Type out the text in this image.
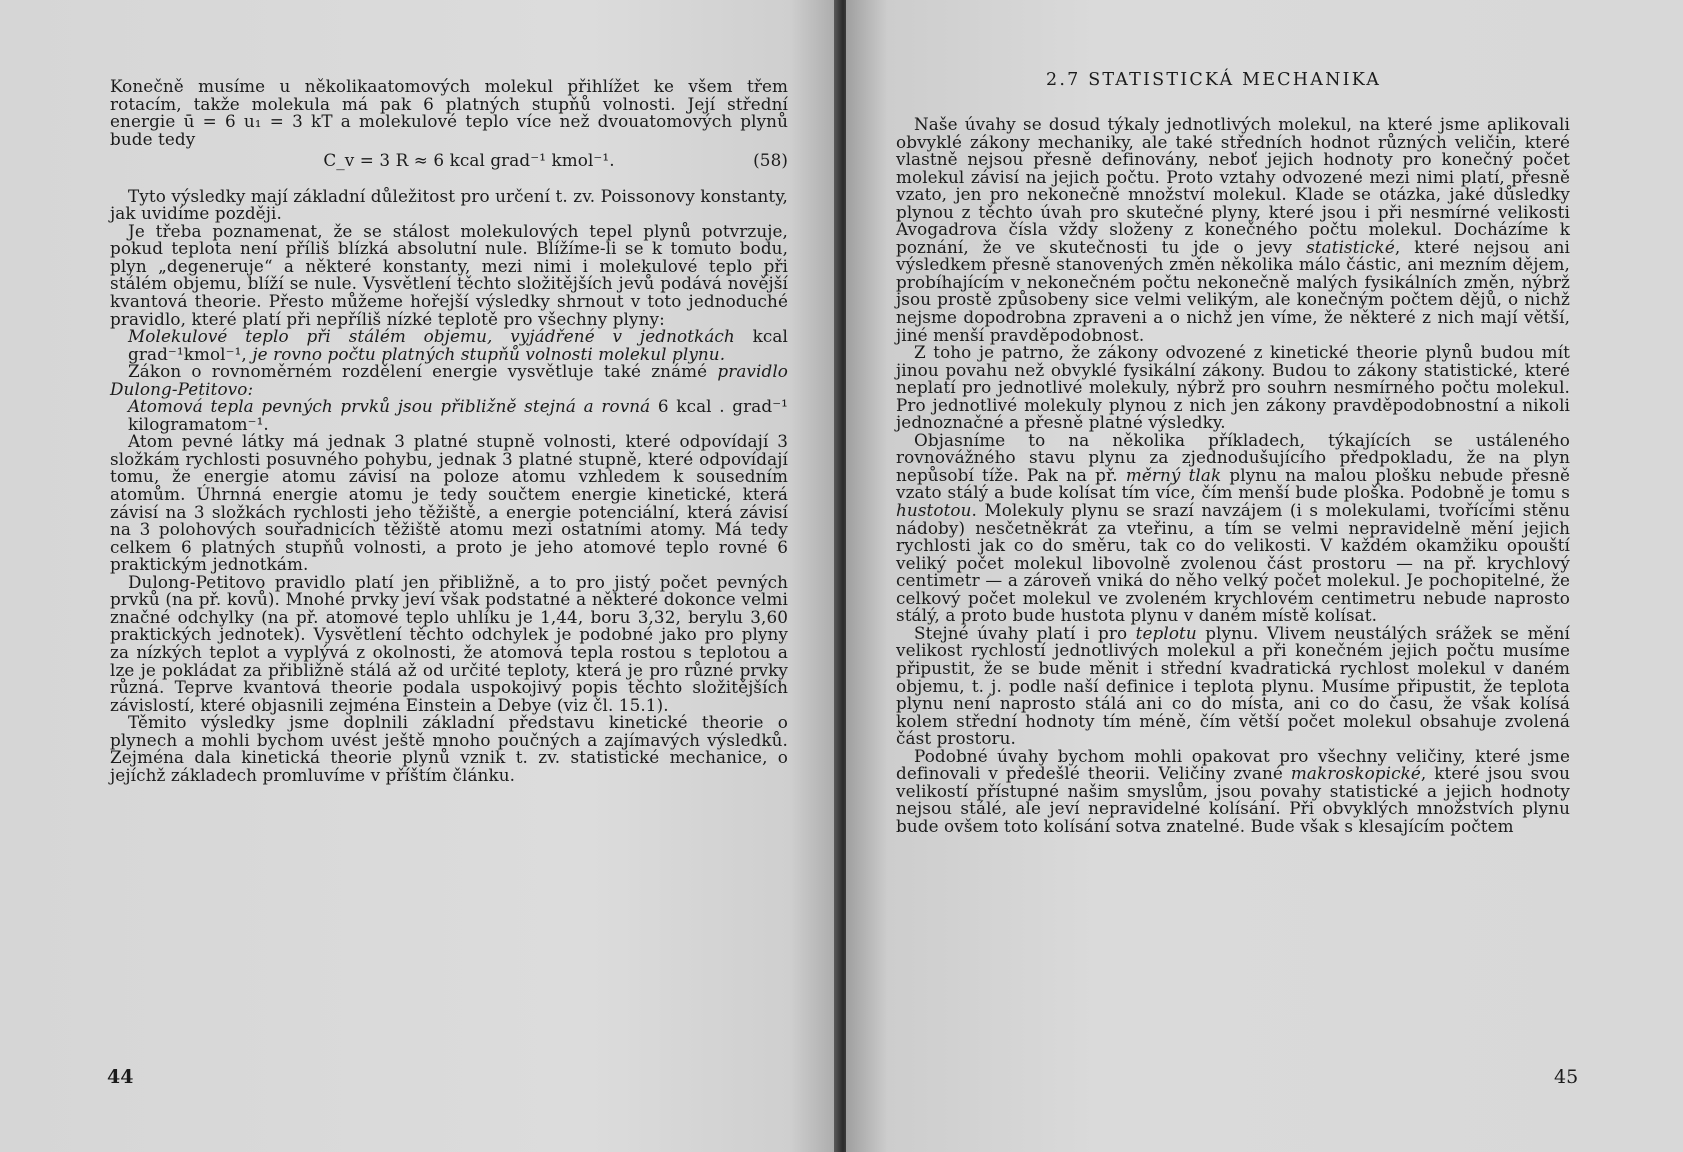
Konečně musíme u několikaatomových molekul přihlížet ke všem třem rotacím, takže molekula má pak 6 platných stupňů volnosti. Její střední energie ū = 6 u₁ = 3 kT a molekulové teplo více než dvouatomových plynů bude tedy

C_v = 3 R ≈ 6 kcal grad⁻¹ kmol⁻¹.	(58)

Tyto výsledky mají základní důležitost pro určení t. zv. Poissonovy konstanty, jak uvidíme později.

Je třeba poznamenat, že se stálost molekulových tepel plynů potvrzuje, pokud teplota není příliš blízká absolutní nule. Blížíme-li se k tomuto bodu, plyn „degeneruje“ a některé konstanty, mezi nimi i molekulové teplo při stálém objemu, blíží se nule. Vysvětlení těchto složitějších jevů podává novější kvantová theorie. Přesto můžeme hořejší výsledky shrnout v toto jednoduché pravidlo, které platí při nepříliš nízké teplotě pro všechny plyny:

Molekulové teplo při stálém objemu, vyjádřené v jednotkách kcal grad⁻¹kmol⁻¹, je rovno počtu platných stupňů volnosti molekul plynu.

Zákon o rovnoměrném rozdělení energie vysvětluje také známé pravidlo Dulong-Petitovo:

Atomová tepla pevných prvků jsou přibližně stejná a rovná 6 kcal . grad⁻¹ kilogramatom⁻¹.

Atom pevné látky má jednak 3 platné stupně volnosti, které odpovídají 3 složkám rychlosti posuvného pohybu, jednak 3 platné stupně, které odpovídají tomu, že energie atomu závisí na poloze atomu vzhledem k sousedním atomům. Úhrnná energie atomu je tedy součtem energie kinetické, která závisí na 3 složkách rychlosti jeho těžiště, a energie potenciální, která závisí na 3 polohových souřadnicích těžiště atomu mezi ostatními atomy. Má tedy celkem 6 platných stupňů volnosti, a proto je jeho atomové teplo rovné 6 praktickým jednotkám.

Dulong-Petitovo pravidlo platí jen přibližně, a to pro jistý počet pevných prvků (na př. kovů). Mnohé prvky jeví však podstatné a některé dokonce velmi značné odchylky (na př. atomové teplo uhlíku je 1,44, boru 3,32, berylu 3,60 praktických jednotek). Vysvětlení těchto odchylek je podobné jako pro plyny za nízkých teplot a vyplývá z okolnosti, že atomová tepla rostou s teplotou a lze je pokládat za přibližně stálá až od určité teploty, která je pro různé prvky různá. Teprve kvantová theorie podala uspokojivý popis těchto složitějších závislostí, které objasnili zejména Einstein a Debye (viz čl. 15.1).

Těmito výsledky jsme doplnili základní představu kinetické theorie o plynech a mohli bychom uvést ještě mnoho poučných a zajímavých výsledků. Zejména dala kinetická theorie plynů vznik t. zv. statistické mechanice, o jejíchž základech promluvíme v příštím článku.

44
2.7 STATISTICKÁ MECHANIKA

Naše úvahy se dosud týkaly jednotlivých molekul, na které jsme aplikovali obvyklé zákony mechaniky, ale také středních hodnot různých veličin, které vlastně nejsou přesně definovány, neboť jejich hodnoty pro konečný počet molekul závisí na jejich počtu. Proto vztahy odvozené mezi nimi platí, přesně vzato, jen pro nekonečně množství molekul. Klade se otázka, jaké důsledky plynou z těchto úvah pro skutečné plyny, které jsou i při nesmírné velikosti Avogadrova čísla vždy složeny z konečného počtu molekul. Docházíme k poznání, že ve skutečnosti tu jde o jevy statistické, které nejsou ani výsledkem přesně stanovených změn několika málo částic, ani mezním dějem, probíhajícím v nekonečném počtu nekonečně malých fysikálních změn, nýbrž jsou prostě způsobeny sice velmi velikým, ale konečným počtem dějů, o nichž nejsme dopodrobna zpraveni a o nichž jen víme, že některé z nich mají větší, jiné menší pravděpodobnost.

Z toho je patrno, že zákony odvozené z kinetické theorie plynů budou mít jinou povahu než obvyklé fysikální zákony. Budou to zákony statistické, které neplatí pro jednotlivé molekuly, nýbrž pro souhrn nesmírného počtu molekul. Pro jednotlivé molekuly plynou z nich jen zákony pravděpodobnostní a nikoli jednoznačné a přesně platné výsledky.

Objasníme to na několika příkladech, týkajících se ustáleného rovnovážného stavu plynu za zjednodušujícího předpokladu, že na plyn nepůsobí tíže. Pak na př. měrný tlak plynu na malou plošku nebude přesně vzato stálý a bude kolísat tím více, čím menší bude ploška. Podobně je tomu s hustotou. Molekuly plynu se srazí navzájem (i s molekulami, tvořícími stěnu nádoby) nesčetněkrát za vteřinu, a tím se velmi nepravidelně mění jejich rychlosti jak co do směru, tak co do velikosti. V každém okamžiku opouští veliký počet molekul libovolně zvolenou část prostoru — na př. krychlový centimetr — a zároveň vniká do něho velký počet molekul. Je pochopitelné, že celkový počet molekul ve zvoleném krychlovém centimetru nebude naprosto stálý, a proto bude hustota plynu v daném místě kolísat.

Stejné úvahy platí i pro teplotu plynu. Vlivem neustálých srážek se mění velikost rychlostí jednotlivých molekul a při konečném jejich počtu musíme připustit, že se bude měnit i střední kvadratická rychlost molekul v daném objemu, t. j. podle naší definice i teplota plynu. Musíme připustit, že teplota plynu není naprosto stálá ani co do místa, ani co do času, že však kolísá kolem střední hodnoty tím méně, čím větší počet molekul obsahuje zvolená část prostoru.

Podobné úvahy bychom mohli opakovat pro všechny veličiny, které jsme definovali v předešlé theorii. Veličiny zvané makroskopické, které jsou svou velikostí přístupné našim smyslům, jsou povahy statistické a jejich hodnoty nejsou stálé, ale jeví nepravidelné kolísání. Při obvyklých množstvích plynu bude ovšem toto kolísání sotva znatelné. Bude však s klesajícím počtem

45
